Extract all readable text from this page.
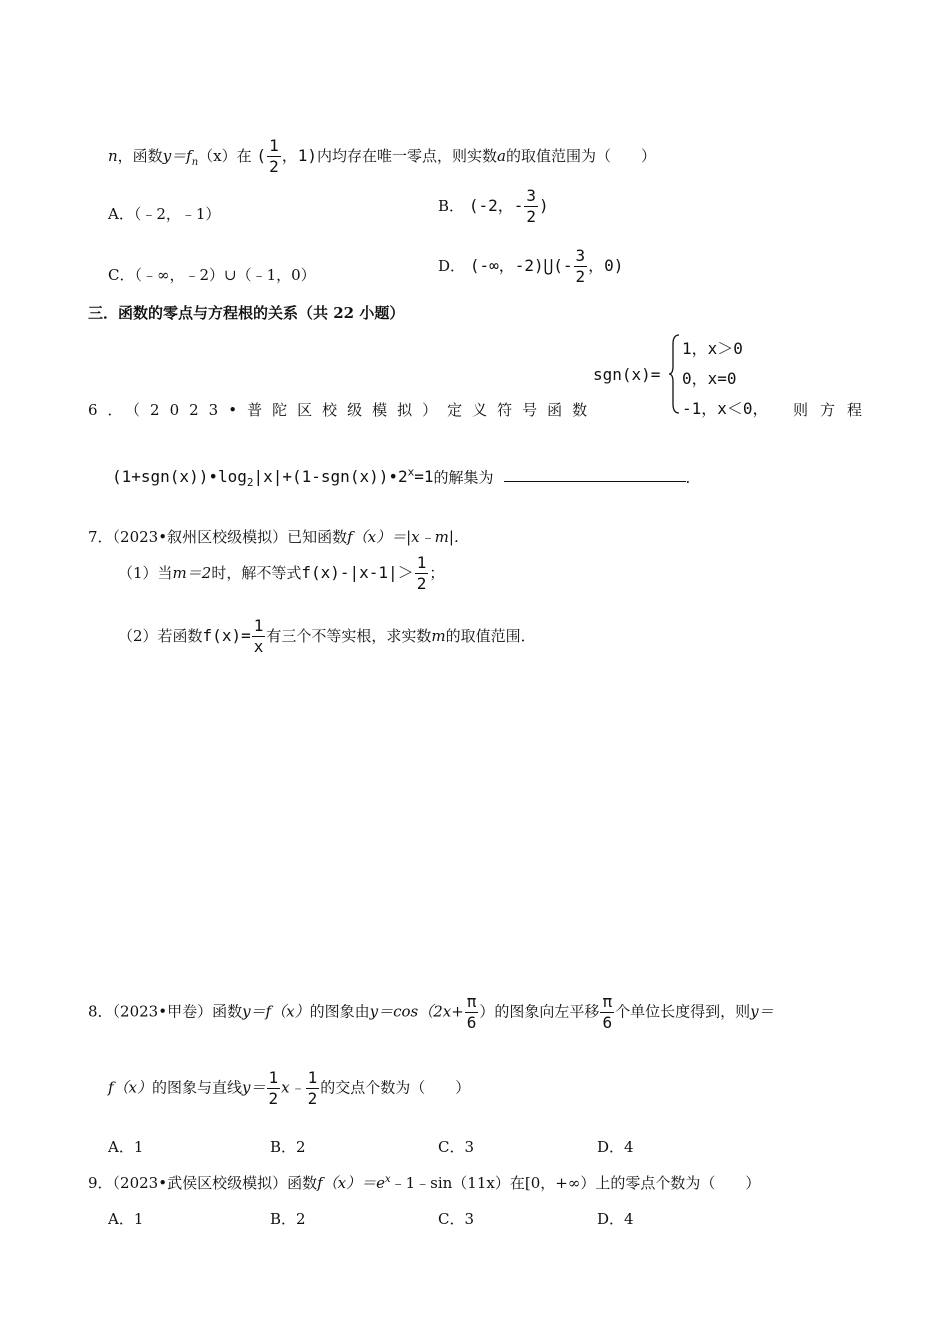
n，函数$y=f_n(x)$在 ( $\frac{1}{2}$ ，1)内均存在唯一零点，则实数a的取值范围为（　　）
A．（﹣2，﹣1）	B． (-2，- $\frac{3}{2}$ )
C．（﹣∞，﹣2）∪（﹣1，0）	D． (-∞，-2)⋃(- $\frac{3}{2}$ ，0)
三．函数的零点与方程根的关系（共 22 小题）
6．（2023•普陀区校级模拟）定义符号函数
sgn(x)=
1，x＞0
0，x=0
-1，x＜0， 则方程
$(1+sgn(x))•\log_2|x|+(1-sgn(x))•2^x=1$的解集为	．
7．（2023•叙州区校级模拟）已知函数f（x）＝|x﹣m|．
（1）当m＝2时，解不等式$f(x)-|x-1|> \frac{1}{2}$ ；
（2）若函数$f(x)= \frac{1}{x}$ 有三个不等实根，求实数m的取值范围．
8．（2023•甲卷）函数y＝f（x）的图象由$y=\cos(2x+ \frac{\pi}{6}$ ）的图象向左平移 $\frac{\pi}{6}$ 个单位长度得到，则y＝
f（x）的图象与直线$y= \frac{1}{2}$ x﹣ $\frac{1}{2}$ 的交点个数为（　　）
A．1	B．2	C．3	D．4
9．（2023•武侯区校级模拟）函数$f(x)=e^x﹣1﹣\sin(11x)$在[0，+∞）上的零点个数为（　　）
A．1	B．2	C．3	D．4
